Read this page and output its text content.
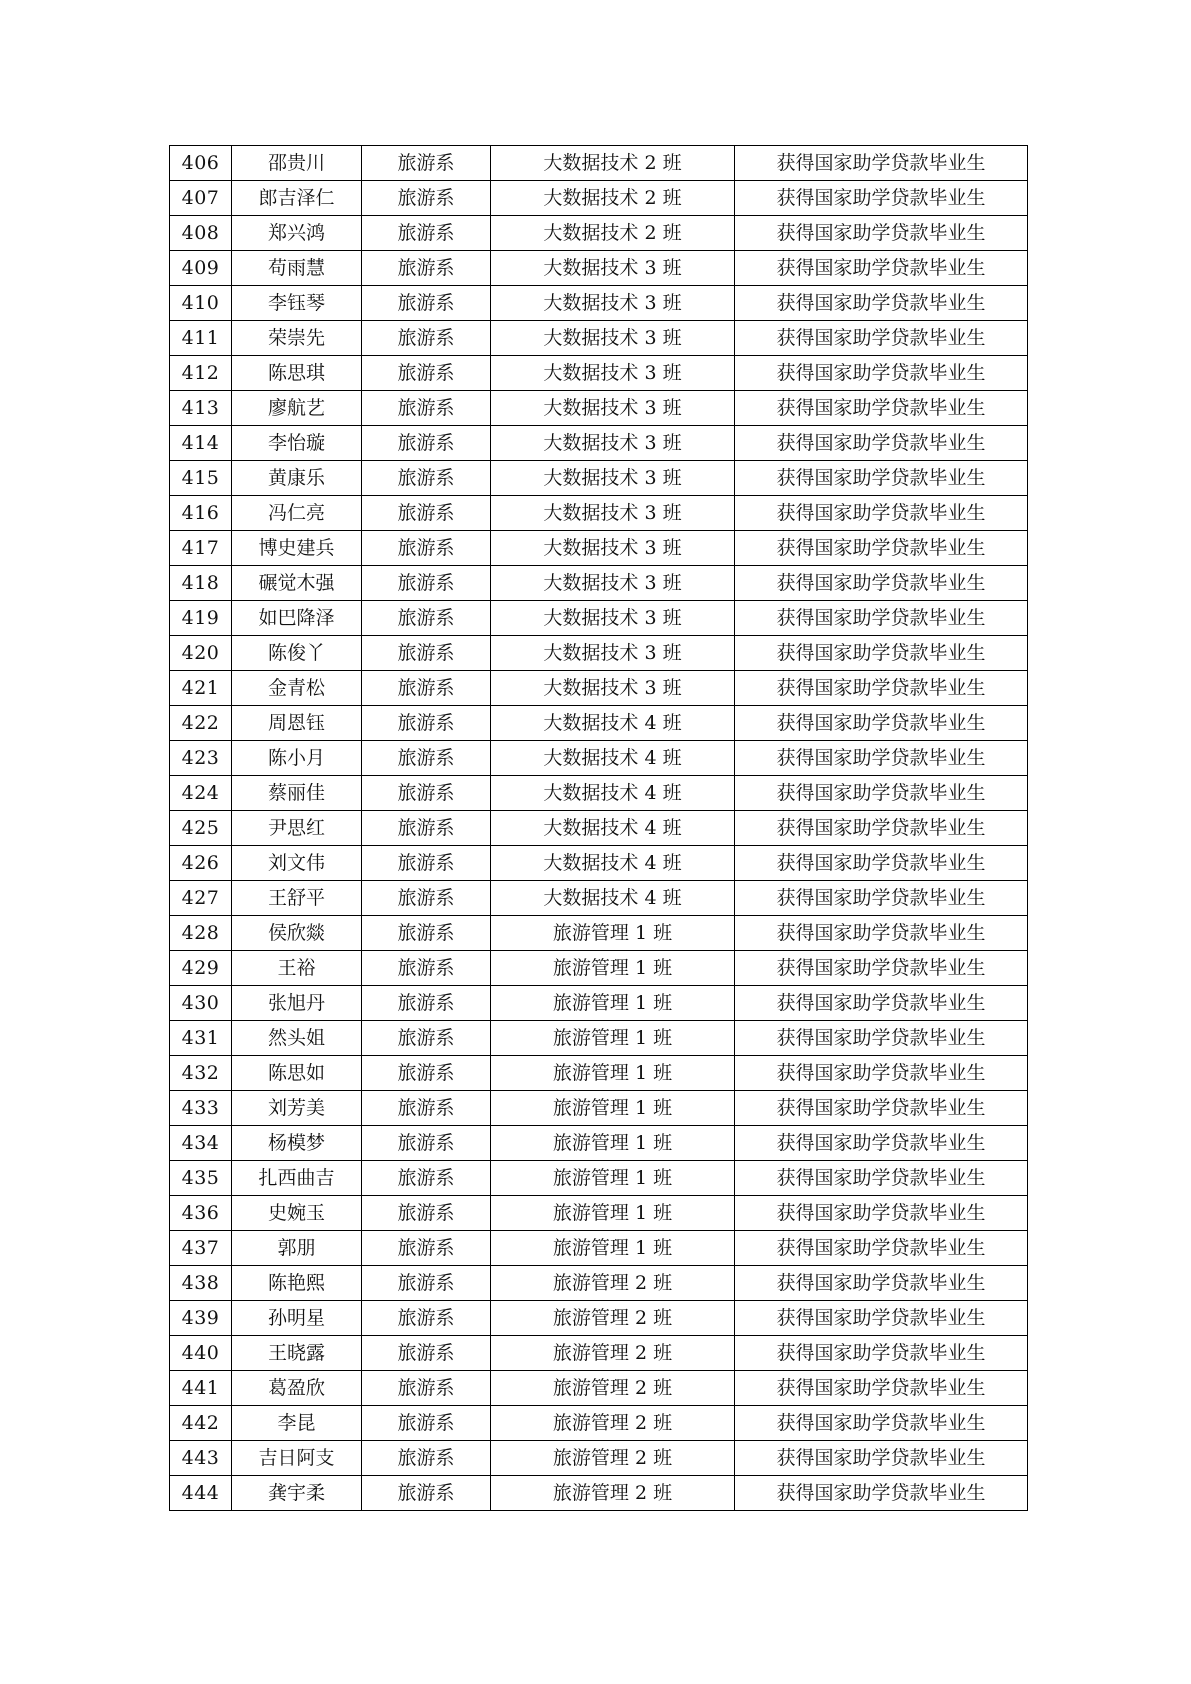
406	邵贵川	旅游系	大数据技术 2 班	获得国家助学贷款毕业生
407	郎吉泽仁	旅游系	大数据技术 2 班	获得国家助学贷款毕业生
408	郑兴鸿	旅游系	大数据技术 2 班	获得国家助学贷款毕业生
409	苟雨慧	旅游系	大数据技术 3 班	获得国家助学贷款毕业生
410	李钰琴	旅游系	大数据技术 3 班	获得国家助学贷款毕业生
411	荣崇先	旅游系	大数据技术 3 班	获得国家助学贷款毕业生
412	陈思琪	旅游系	大数据技术 3 班	获得国家助学贷款毕业生
413	廖航艺	旅游系	大数据技术 3 班	获得国家助学贷款毕业生
414	李怡璇	旅游系	大数据技术 3 班	获得国家助学贷款毕业生
415	黄康乐	旅游系	大数据技术 3 班	获得国家助学贷款毕业生
416	冯仁亮	旅游系	大数据技术 3 班	获得国家助学贷款毕业生
417	博史建兵	旅游系	大数据技术 3 班	获得国家助学贷款毕业生
418	碾觉木强	旅游系	大数据技术 3 班	获得国家助学贷款毕业生
419	如巴降泽	旅游系	大数据技术 3 班	获得国家助学贷款毕业生
420	陈俊丫	旅游系	大数据技术 3 班	获得国家助学贷款毕业生
421	金青松	旅游系	大数据技术 3 班	获得国家助学贷款毕业生
422	周恩钰	旅游系	大数据技术 4 班	获得国家助学贷款毕业生
423	陈小月	旅游系	大数据技术 4 班	获得国家助学贷款毕业生
424	蔡丽佳	旅游系	大数据技术 4 班	获得国家助学贷款毕业生
425	尹思红	旅游系	大数据技术 4 班	获得国家助学贷款毕业生
426	刘文伟	旅游系	大数据技术 4 班	获得国家助学贷款毕业生
427	王舒平	旅游系	大数据技术 4 班	获得国家助学贷款毕业生
428	侯欣燚	旅游系	旅游管理 1 班	获得国家助学贷款毕业生
429	王裕	旅游系	旅游管理 1 班	获得国家助学贷款毕业生
430	张旭丹	旅游系	旅游管理 1 班	获得国家助学贷款毕业生
431	然头姐	旅游系	旅游管理 1 班	获得国家助学贷款毕业生
432	陈思如	旅游系	旅游管理 1 班	获得国家助学贷款毕业生
433	刘芳美	旅游系	旅游管理 1 班	获得国家助学贷款毕业生
434	杨模梦	旅游系	旅游管理 1 班	获得国家助学贷款毕业生
435	扎西曲吉	旅游系	旅游管理 1 班	获得国家助学贷款毕业生
436	史婉玉	旅游系	旅游管理 1 班	获得国家助学贷款毕业生
437	郭朋	旅游系	旅游管理 1 班	获得国家助学贷款毕业生
438	陈艳熙	旅游系	旅游管理 2 班	获得国家助学贷款毕业生
439	孙明星	旅游系	旅游管理 2 班	获得国家助学贷款毕业生
440	王晓露	旅游系	旅游管理 2 班	获得国家助学贷款毕业生
441	葛盈欣	旅游系	旅游管理 2 班	获得国家助学贷款毕业生
442	李昆	旅游系	旅游管理 2 班	获得国家助学贷款毕业生
443	吉日阿支	旅游系	旅游管理 2 班	获得国家助学贷款毕业生
444	龚宇柔	旅游系	旅游管理 2 班	获得国家助学贷款毕业生
